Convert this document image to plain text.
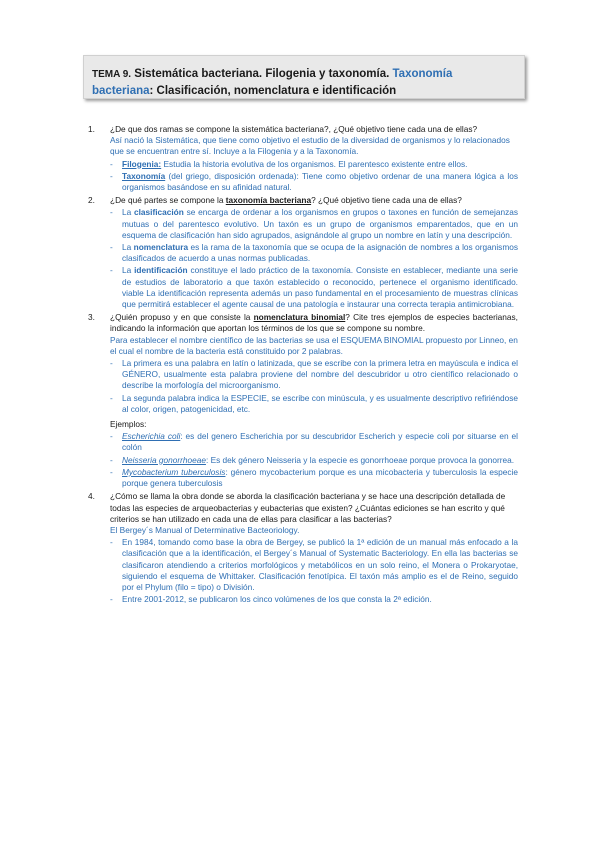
TEMA 9. Sistemática bacteriana. Filogenia y taxonomía. Taxonomía bacteriana: Clasificación, nomenclatura e identificación
1. ¿De que dos ramas se compone la sistemática bacteriana?, ¿Qué objetivo tiene cada una de ellas?
Así nació la Sistemática, que tiene como objetivo el estudio de la diversidad de organismos y lo relacionados que se encuentran entre sí. Incluye a la Filogenia y a la Taxonomía.
- Filogenia: Estudia la historia evolutiva de los organismos. El parentesco existente entre ellos.
- Taxonomía (del griego, disposición ordenada): Tiene como objetivo ordenar de una manera lógica a los organismos basándose en su afinidad natural.
2. ¿De qué partes se compone la taxonomía bacteriana? ¿Qué objetivo tiene cada una de ellas?
- La clasificación se encarga de ordenar a los organismos en grupos o taxones en función de semejanzas mutuas o del parentesco evolutivo. Un taxón es un grupo de organismos emparentados, que en un esquema de clasificación han sido agrupados, asignándole al grupo un nombre en latín y una descripción.
- La nomenclatura es la rama de la taxonomía que se ocupa de la asignación de nombres a los organismos clasificados de acuerdo a unas normas publicadas.
- La identificación constituye el lado práctico de la taxonomía. Consiste en establecer, mediante una serie de estudios de laboratorio a que taxón establecido o reconocido, pertenece el organismo identificado. viable La identificación representa además un paso fundamental en el procesamiento de muestras clínicas que permitirá establecer el agente causal de una patología e instaurar una correcta terapia antimicrobiana.
3. ¿Quién propuso y en que consiste la nomenclatura binomial? Cite tres ejemplos de especies bacterianas, indicando la información que aportan los términos de los que se compone su nombre.
Para establecer el nombre científico de las bacterias se usa el ESQUEMA BINOMIAL propuesto por Linneo, en el cual el nombre de la bacteria está constituido por 2 palabras.
- La primera es una palabra en latín o latinizada, que se escribe con la primera letra en mayúscula e indica el GÉNERO, usualmente esta palabra proviene del nombre del descubridor u otro científico relacionado o describe la morfología del microorganismo.
- La segunda palabra indica la ESPECIE, se escribe con minúscula, y es usualmente descriptivo refiriéndose al color, origen, patogenicidad, etc.
Ejemplos:
- Escherichia coli: es del genero Escherichia por su descubridor Escherich y especie coli por situarse en el colón
- Neisseria gonorrhoeae: Es dek género Neisseria y la especie es gonorrhoeae porque provoca la gonorrea.
- Mycobacterium tuberculosis: género mycobacterium porque es una micobacteria y tuberculosis la especie porque genera tuberculosis
4. ¿Cómo se llama la obra donde se aborda la clasificación bacteriana y se hace una descripción detallada de todas las especies de arqueobacterias y eubacterias que existen? ¿Cuántas ediciones se han escrito y qué criterios se han utilizado en cada una de ellas para clasificar a las bacterias?
El Bergey´s Manual of Determinative Bacteoriology.
- En 1984, tomando como base la obra de Bergey, se publicó la 1ª edición de un manual más enfocado a la clasificación que a la identificación, el Bergey´s Manual of Systematic Bacteriology. En ella las bacterias se clasificaron atendiendo a criterios morfológicos y metabólicos en un solo reino, el Monera o Prokaryotae, siguiendo el esquema de Whittaker. Clasificación fenotípica. El taxón más amplio es el de Reino, seguido por el Phylum (filo = tipo) o División.
- Entre 2001-2012, se publicaron los cinco volúmenes de los que consta la 2ª edición.
